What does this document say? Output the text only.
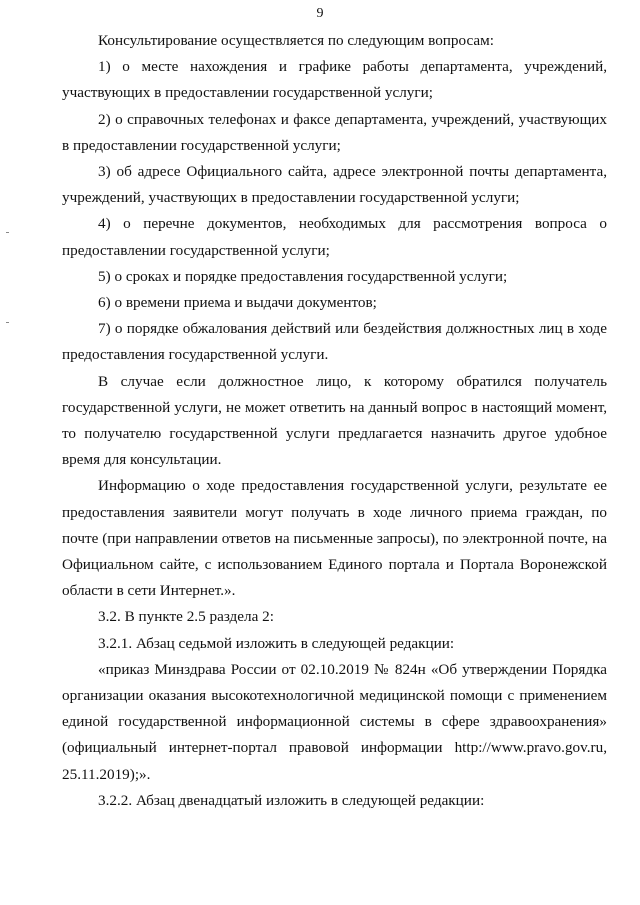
9

Консультирование осуществляется по следующим вопросам:

1) о месте нахождения и графике работы департамента, учреждений, участвующих в предоставлении государственной услуги;

2) о справочных телефонах и факсе департамента, учреждений, участвующих в предоставлении государственной услуги;

3) об адресе Официального сайта, адресе электронной почты департамента, учреждений, участвующих в предоставлении государственной услуги;

4) о перечне документов, необходимых для рассмотрения вопроса о предоставлении государственной услуги;

5) о сроках и порядке предоставления государственной услуги;

6) о времени приема и выдачи документов;

7) о порядке обжалования действий или бездействия должностных лиц в ходе предоставления государственной услуги.

В случае если должностное лицо, к которому обратился получатель государственной услуги, не может ответить на данный вопрос в настоящий момент, то получателю государственной услуги предлагается назначить другое удобное время для консультации.

Информацию о ходе предоставления государственной услуги, результате ее предоставления заявители могут получать в ходе личного приема граждан, по почте (при направлении ответов на письменные запросы), по электронной почте, на Официальном сайте, с использованием Единого портала и Портала Воронежской области в сети Интернет.».

3.2. В пункте 2.5 раздела 2:

3.2.1. Абзац седьмой изложить в следующей редакции:

«приказ Минздрава России от 02.10.2019 № 824н «Об утверждении Порядка организации оказания высокотехнологичной медицинской помощи с применением единой государственной информационной системы в сфере здравоохранения» (официальный интернет-портал правовой информации http://www.pravo.gov.ru, 25.11.2019);».

3.2.2. Абзац двенадцатый изложить в следующей редакции:
